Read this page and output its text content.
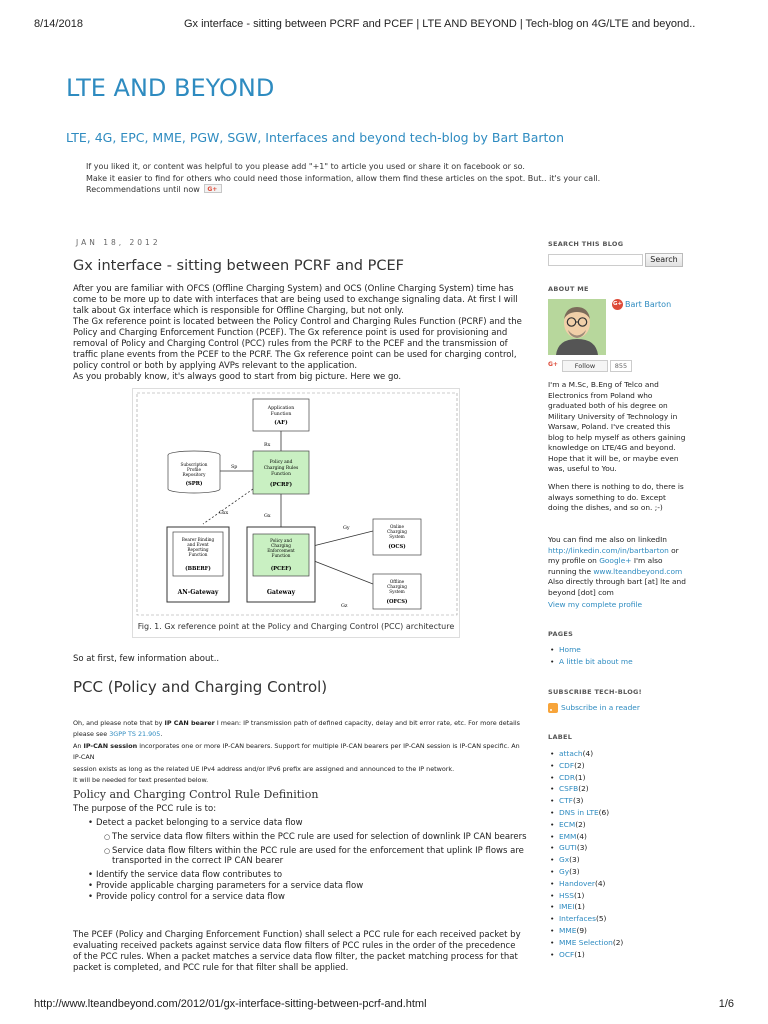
8/14/2018	Gx interface - sitting between PCRF and PCEF | LTE AND BEYOND | Tech-blog on 4G/LTE and beyond..
LTE AND BEYOND
LTE, 4G, EPC, MME, PGW, SGW, Interfaces and beyond tech-blog by Bart Barton
If you liked it, or content was helpful to you please add "+1" to article you used or share it on facebook or so.
Make it easier to find for others who could need those information, allow them find these articles on the spot. But.. it's your call.
Recommendations until now G+
JAN 18, 2012
Gx interface - sitting between PCRF and PCEF

After you are familiar with OFCS (Offline Charging System) and OCS (Online Charging System) time has come to be more up to date with interfaces that are being used to exchange signaling data. At first I will talk about Gx interface which is responsible for Offline Charging, but not only.

The Gx reference point is located between the Policy Control and Charging Rules Function (PCRF) and the Policy and Charging Enforcement Function (PCEF). The Gx reference point is used for provisioning and removal of Policy and Charging Control (PCC) rules from the PCRF to the PCEF and the transmission of traffic plane events from the PCEF to the PCRF. The Gx reference point can be used for charging control, policy control or both by applying AVPs relevant to the application.

As you probably know, it's always good to start from big picture. Here we go.

Application
Function
(AF)
Rx
Subscription
Profile
Repository
(SPR)
Sp
Policy and
Charging Rules
Function
(PCRF)
Gxx
Gx
Bearer Binding
and Event
Reporting
Function
(BBERF)
AN-Gateway
Policy and
Charging
Enforcement
Function
(PCEF)
Gateway
Online
Charging
System
(OCS)
Gy
Offline
Charging
System
(OFCS)
Gz
Fig. 1. Gx reference point at the Policy and Charging Control (PCC) architecture
So at first, few information about..
PCC (Policy and Charging Control)
Oh, and please note that by IP CAN bearer I mean: IP transmission path of defined capacity, delay and bit error rate, etc. For more details
please see 3GPP TS 21.905.
An IP-CAN session incorporates one or more IP-CAN bearers. Support for multiple IP-CAN bearers per IP-CAN session is IP-CAN specific. An IP-CAN
session exists as long as the related UE IPv4 address and/or IPv6 prefix are assigned and announced to the IP network.
It will be needed for text presented below.
Policy and Charging Control Rule Definition
The purpose of the PCC rule is to:
• Detect a packet belonging to a service data flow
○ The service data flow filters within the PCC rule are used for selection of downlink IP CAN bearers
○ Service data flow filters within the PCC rule are used for the enforcement that uplink IP flows are transported in the correct IP CAN bearer
• Identify the service data flow contributes to
• Provide applicable charging parameters for a service data flow
• Provide policy control for a service data flow
The PCEF (Policy and Charging Enforcement Function) shall select a PCC rule for each received packet by evaluating received packets against service data flow filters of PCC rules in the order of the precedence of the PCC rules. When a packet matches a service data flow filter, the packet matching process for that packet is completed, and PCC rule for that filter shall be applied.
SEARCH THIS BLOG
Search
ABOUT ME
G+ Bart Barton
G+	Follow	855
I'm a M.Sc, B.Eng of Telco and Electronics from Poland who graduated both of his degree on Military University of Technology in Warsaw, Poland. I've created this blog to help myself as others gaining knowledge on LTE/4G and beyond. Hope that it will be, or maybe even was, useful to You.
When there is nothing to do, there is always something to do. Except doing the dishes, and so on. ;-)
You can find me also on linkedIn http://linkedin.com/in/bartbarton or my profile on Google+ I'm also running the www.lteandbeyond.com Also directly through bart [at] lte and beyond [dot] com
View my complete profile
PAGES
• Home
• A little bit about me
SUBSCRIBE TECH-BLOG!
Subscribe in a reader
LABEL
• attach(4)
• CDF(2)
• CDR(1)
• CSFB(2)
• CTF(3)
• DNS in LTE(6)
• ECM(2)
• EMM(4)
• GUTI(3)
• Gx(3)
• Gy(3)
• Handover(4)
• HSS(1)
• IMEI(1)
• Interfaces(5)
• MME(9)
• MME Selection(2)
• OCF(1)
http://www.lteandbeyond.com/2012/01/gx-interface-sitting-between-pcrf-and.html	1/6
